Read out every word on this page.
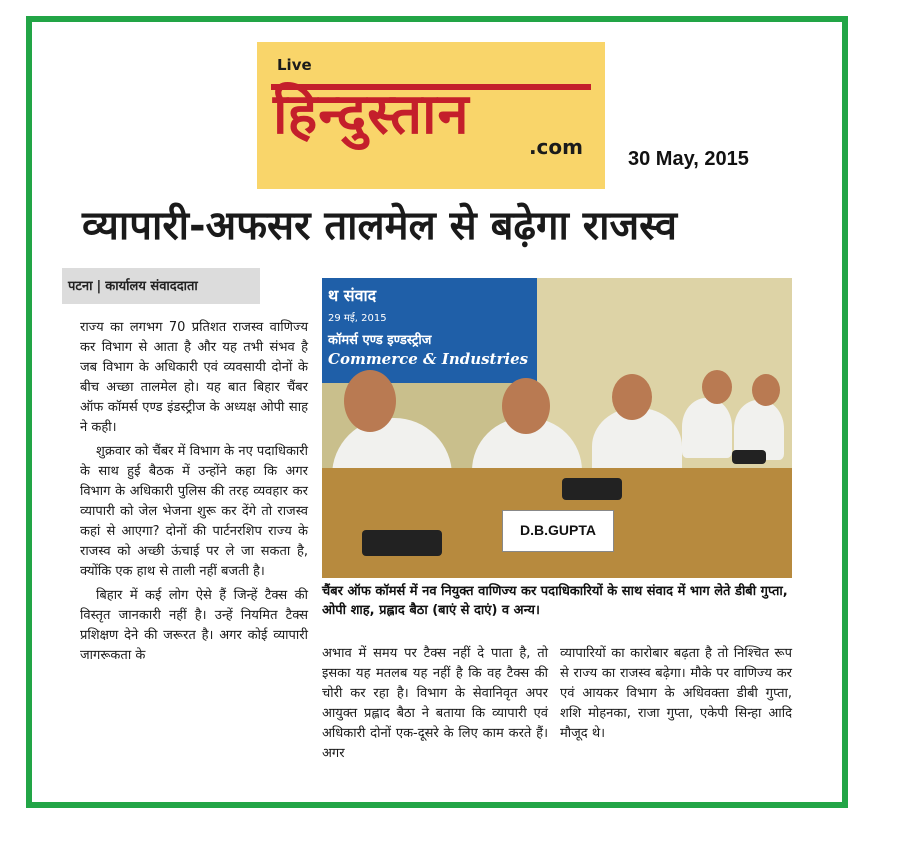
Live
हिन्दुस्तान	.com 30 May, 2015
व्यापारी-अफसर तालमेल से बढ़ेगा राजस्व
पटना | कार्यालय संवाददाता

राज्य का लगभग 70 प्रतिशत राजस्व वाणिज्य कर विभाग से आता है और यह तभी संभव है जब विभाग के अधिकारी एवं व्यवसायी दोनों के बीच अच्छा तालमेल हो। यह बात बिहार चैंबर ऑफ कॉमर्स एण्ड इंडस्ट्रीज के अध्यक्ष ओपी साह ने कही।

शुक्रवार को चैंबर में विभाग के नए पदाधिकारी के साथ हुई बैठक में उन्होंने कहा कि अगर विभाग के अधिकारी पुलिस की तरह व्यवहार कर व्यापारी को जेल भेजना शुरू कर देंगे तो राजस्व कहां से आएगा? दोनों की पार्टनरशिप राज्य के राजस्व को अच्छी ऊंचाई पर ले जा सकता है, क्योंकि एक हाथ से ताली नहीं बजती है।

बिहार में कई लोग ऐसे हैं जिन्हें टैक्स की विस्तृत जानकारी नहीं है। उन्हें नियमित टैक्स प्रशिक्षण देने की जरूरत है। अगर कोई व्यापारी जागरूकता के

थ संवाद
29 मई, 2015
कॉमर्स एण्ड इण्डस्ट्रीज
Commerce & Industries
D.B.GUPTA
चैंबर ऑफ कॉमर्स में नव नियुक्त वाणिज्य कर पदाधिकारियों के साथ संवाद में भाग लेते डीबी गुप्ता, ओपी शाह, प्रह्लाद बैठा (बाएं से दाएं) व अन्य।

अभाव में समय पर टैक्स नहीं दे पाता है, तो इसका यह मतलब यह नहीं है कि वह टैक्स की चोरी कर रहा है। विभाग के सेवानिवृत अपर आयुक्त प्रह्लाद बैठा ने बताया कि व्यापारी एवं अधिकारी दोनों एक-दूसरे के लिए काम करते हैं। अगर

व्यापारियों का कारोबार बढ़ता है तो निश्चित रूप से राज्य का राजस्व बढ़ेगा। मौके पर वाणिज्य कर एवं आयकर विभाग के अधिवक्ता डीबी गुप्ता, शशि मोहनका, राजा गुप्ता, एकेपी सिन्हा आदि मौजूद थे।
